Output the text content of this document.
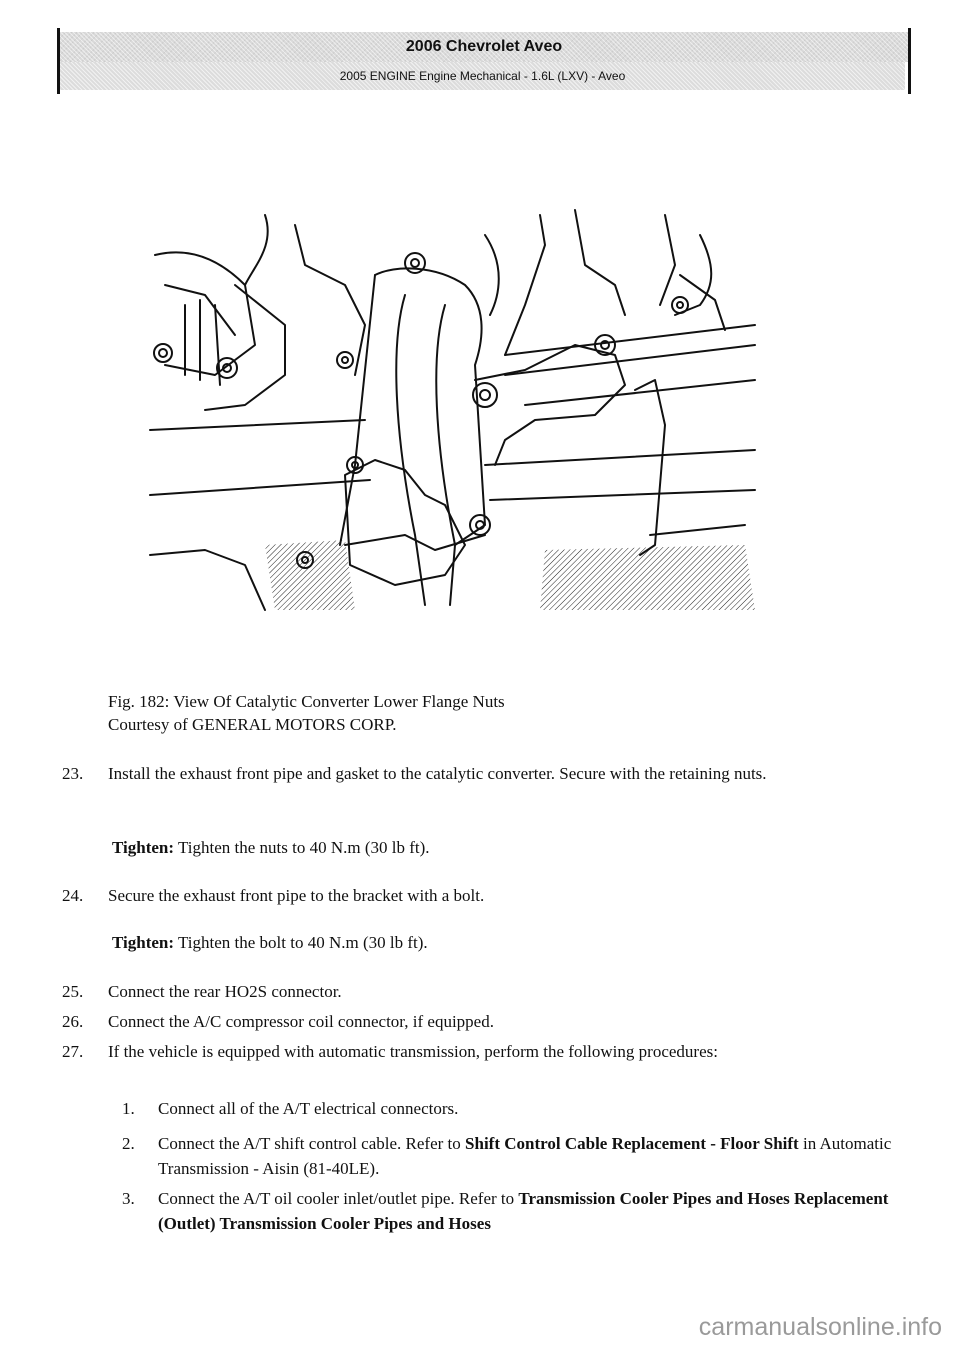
2006 Chevrolet Aveo
2005 ENGINE Engine Mechanical - 1.6L (LXV) - Aveo
Fig. 182: View Of Catalytic Converter Lower Flange Nuts
Courtesy of GENERAL MOTORS CORP.
23.	Install the exhaust front pipe and gasket to the catalytic converter. Secure with the retaining nuts.
Tighten: Tighten the nuts to 40 N.m (30 lb ft).
24.	Secure the exhaust front pipe to the bracket with a bolt.
Tighten: Tighten the bolt to 40 N.m (30 lb ft).
25.	Connect the rear HO2S connector.
26.	Connect the A/C compressor coil connector, if equipped.
27.	If the vehicle is equipped with automatic transmission, perform the following procedures:
1. Connect all of the A/T electrical connectors.
2. Connect the A/T shift control cable. Refer to Shift Control Cable Replacement - Floor Shift in Automatic Transmission - Aisin (81-40LE).
3. Connect the A/T oil cooler inlet/outlet pipe. Refer to Transmission Cooler Pipes and Hoses Replacement (Outlet) Transmission Cooler Pipes and Hoses
carmanualsonline.info
